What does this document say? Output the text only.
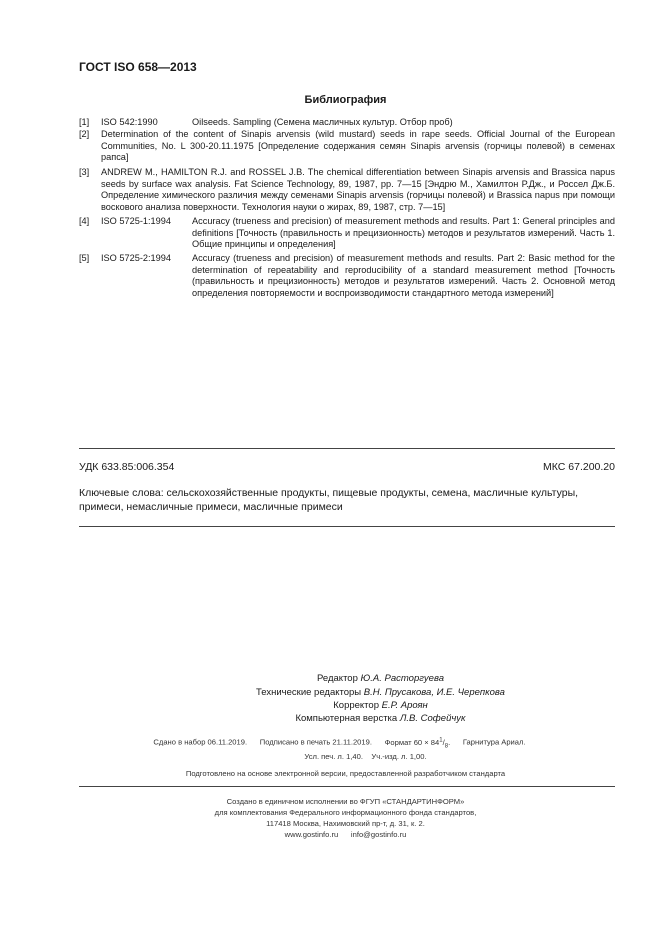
ГОСТ ISO 658—2013
Библиография
[1]	ISO 542:1990	Oilseeds. Sampling (Семена масличных культур. Отбор проб)
[2]	Determination of the content of Sinapis arvensis (wild mustard) seeds in rape seeds. Official Journal of the European Communities, No. L 300-20.11.1975 [Определение содержания семян Sinapis arvensis (горчицы полевой) в семенах рапса]
[3]	ANDREW M., HAMILTON R.J. and ROSSEL J.B. The chemical differentiation between Sinapis arvensis and Brassica napus seeds by surface wax analysis. Fat Science Technology, 89, 1987, pp. 7—15 [Эндрю М., Хамилтон Р.Дж., и Россел Дж.Б. Определение химического различия между семенами Sinapis arvensis (горчицы полевой) и Brassica napus при помощи воскового анализа поверхности. Технология науки о жирах, 89, 1987, стр. 7—15]
[4]	ISO 5725-1:1994	Accuracy (trueness and precision) of measurement methods and results. Part 1: General principles and definitions [Точность (правильность и прецизионность) методов и результатов измерений. Часть 1. Общие принципы и определения]
[5]	ISO 5725-2:1994	Accuracy (trueness and precision) of measurement methods and results. Part 2: Basic method for the determination of repeatability and reproducibility of a standard measurement method [Точность (правильность и прецизионность) методов и результатов измерений. Часть 2. Основной метод определения повторяемости и воспроизводимости стандартного метода измерений]
УДК 633.85:006.354	МКС 67.200.20
Ключевые слова: сельскохозяйственные продукты, пищевые продукты, семена, масличные культуры, примеси, немасличные примеси, масличные примеси
Редактор Ю.А. Расторгуева
Технические редакторы В.Н. Прусакова, И.Е. Черепкова
Корректор Е.Р. Ароян
Компьютерная верстка Л.В. Софейчук
Сдано в набор 06.11.2019. Подписано в печать 21.11.2019. Формат $60 \times 84^1/_8$. Гарнитура Ариал.
Усл. печ. л. 1,40. Уч.-изд. л. 1,00.
Подготовлено на основе электронной версии, предоставленной разработчиком стандарта
Создано в единичном исполнении во ФГУП «СТАНДАРТИНФОРМ»
для комплектования Федерального информационного фонда стандартов,
117418 Москва, Нахимовский пр-т, д. 31, к. 2.
www.gostinfo.ru info@gostinfo.ru
